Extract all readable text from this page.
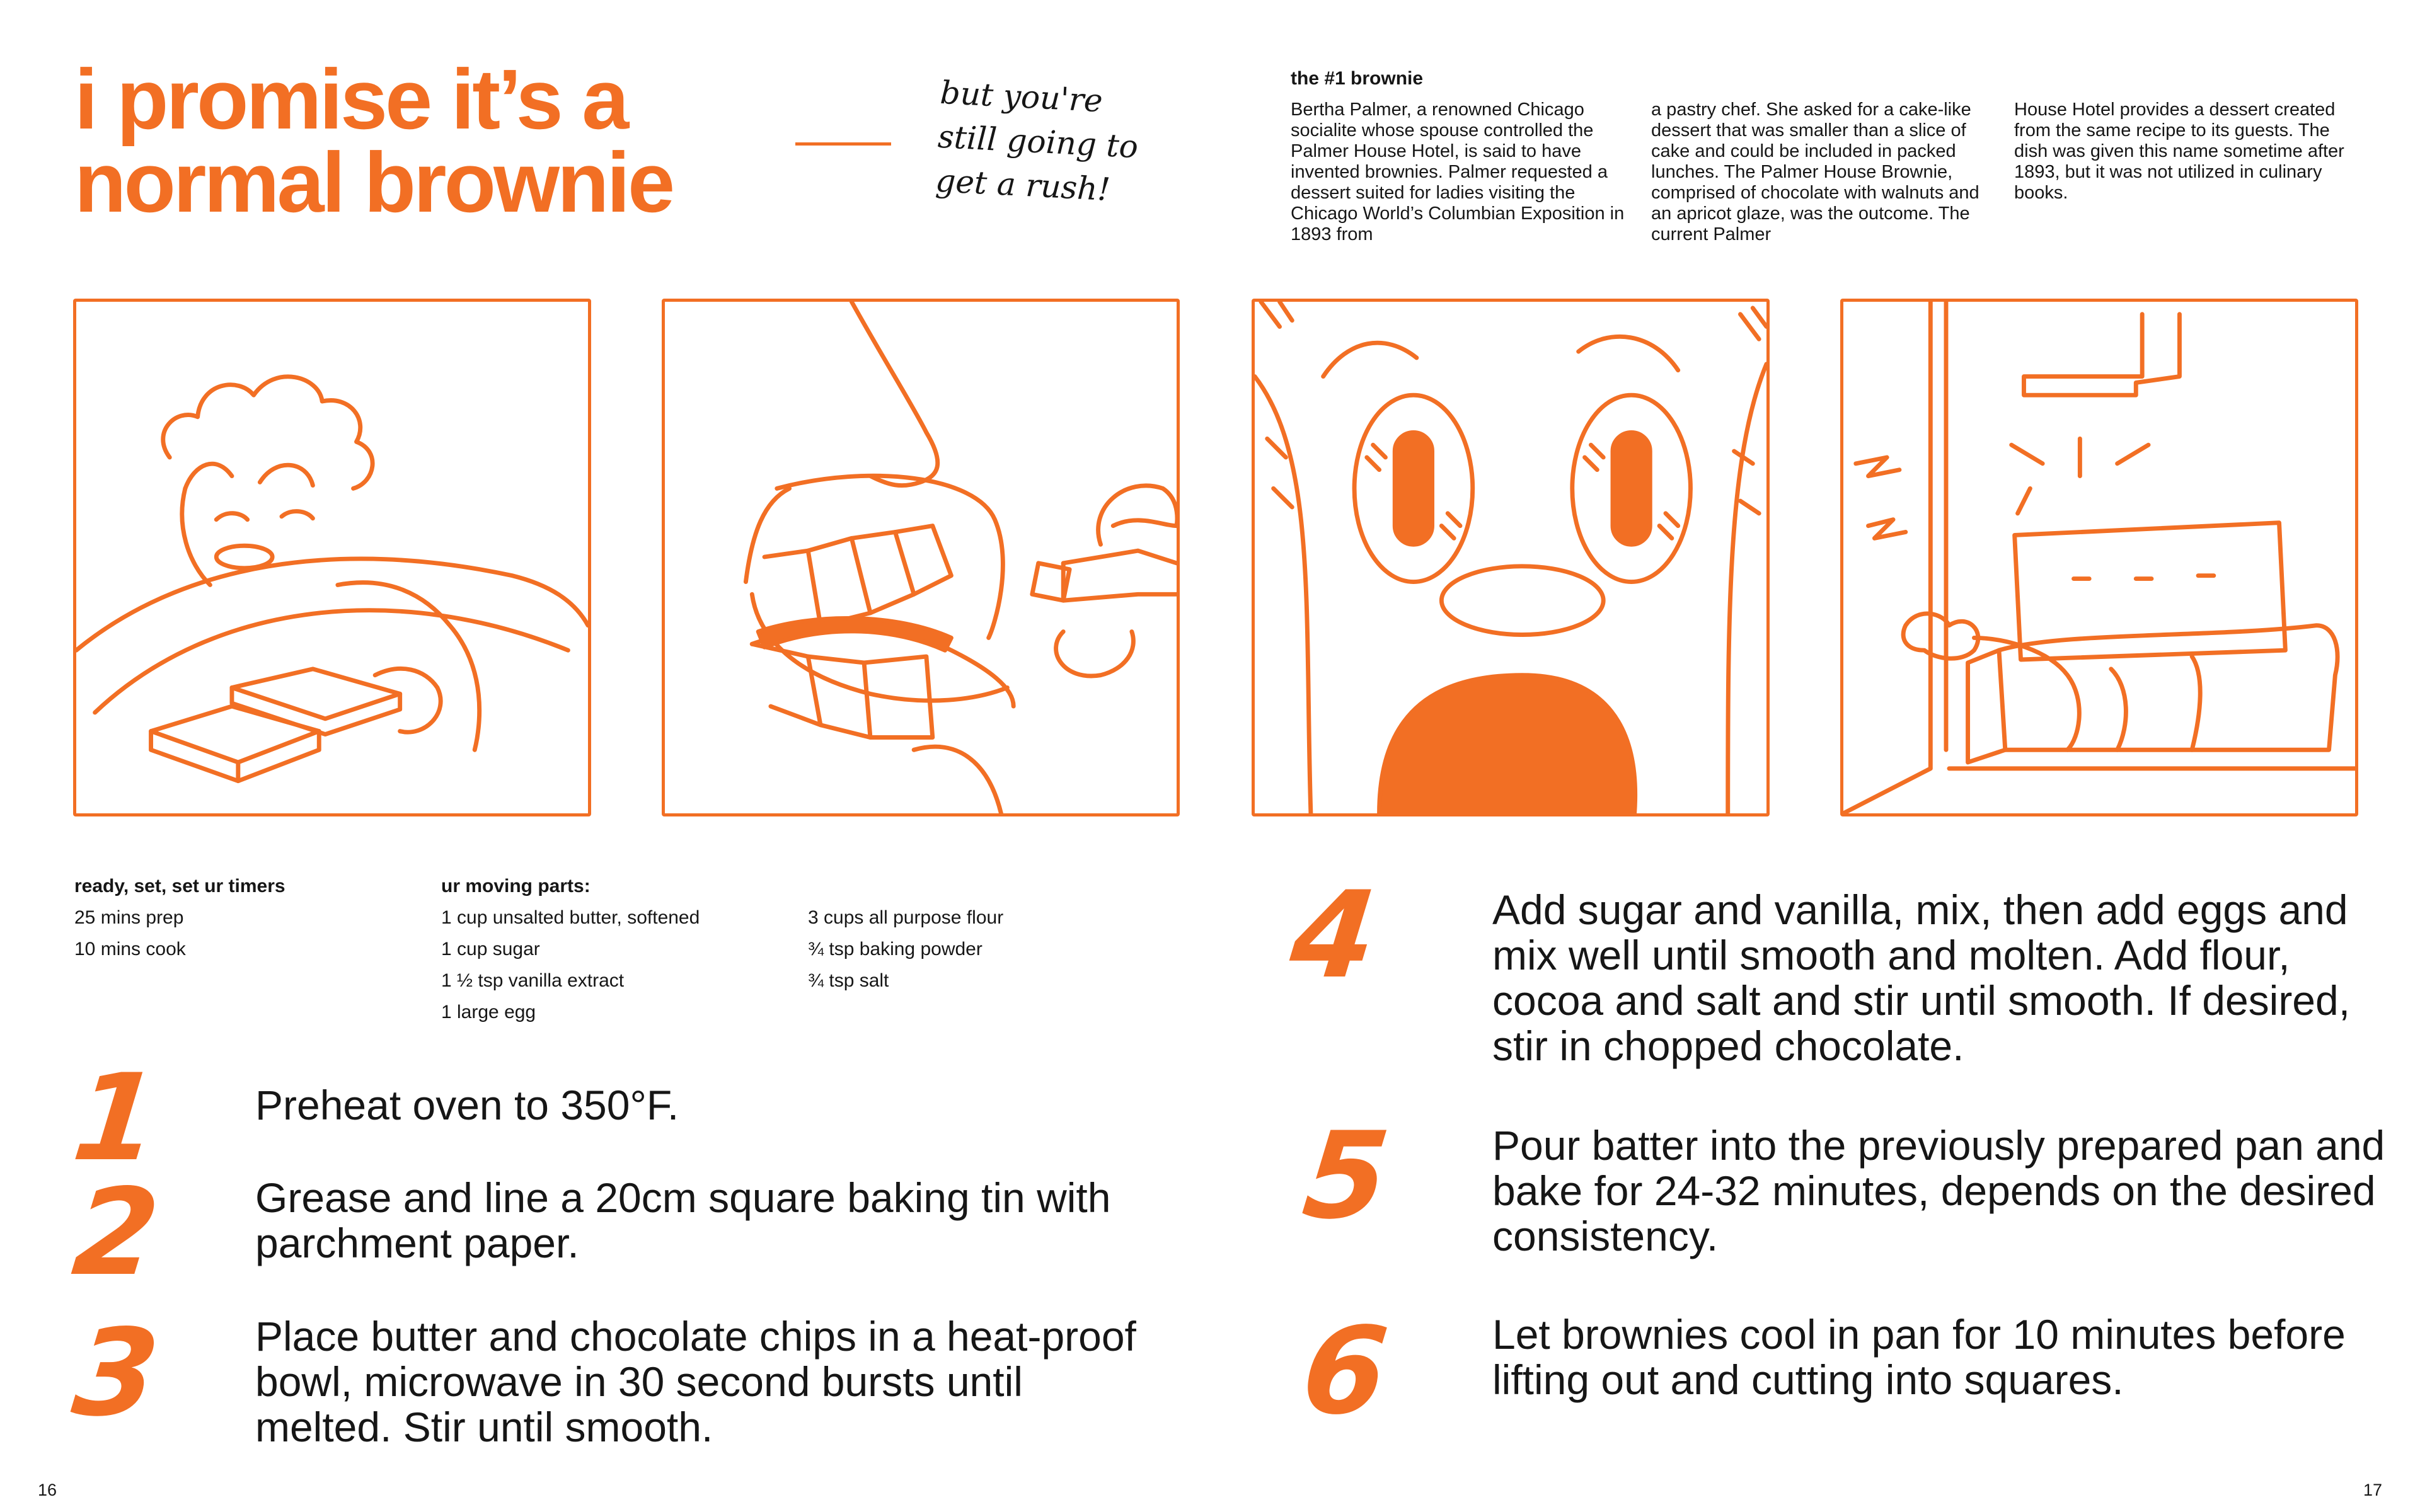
i promise it’s a
normal brownie
but you're
still going to
get a rush!
the #1 brownie
Bertha Palmer, a renowned Chicago socialite whose spouse controlled the Palmer House Hotel, is said to have invented brownies. Palmer requested a dessert suited for ladies visiting the Chicago World’s Columbian Exposition in 1893 from
a pastry chef. She asked for a cake-like dessert that was smaller than a slice of cake and could be included in packed lunches. The Palmer House Brownie, comprised of chocolate with walnuts and an apricot glaze, was the outcome. The current Palmer
House Hotel provides a dessert created from the same recipe to its guests. The dish was given this name sometime after 1893, but it was not utilized in culinary books.
ready, set, set ur timers
25 mins prep
10 mins cook
ur moving parts:
1 cup unsalted butter, softened
1 cup sugar
1 ½ tsp vanilla extract
1 large egg
3 cups all purpose flour
¾ tsp baking powder
¾ tsp salt
1 Preheat oven to 350°F.
2 Grease and line a 20cm square baking tin with parchment paper.
3 Place butter and chocolate chips in a heat-proof bowl, microwave in 30 second bursts until melted. Stir until smooth.
4	Add sugar and vanilla, mix, then add eggs and mix well until smooth and molten. Add flour, cocoa and salt and stir until smooth. If desired, stir in chopped chocolate.
5 Pour batter into the previously prepared pan and bake for 24-32 minutes, depends on the desired consistency.
6 Let brownies cool in pan for 10 minutes before lifting out and cutting into squares.
16	17
